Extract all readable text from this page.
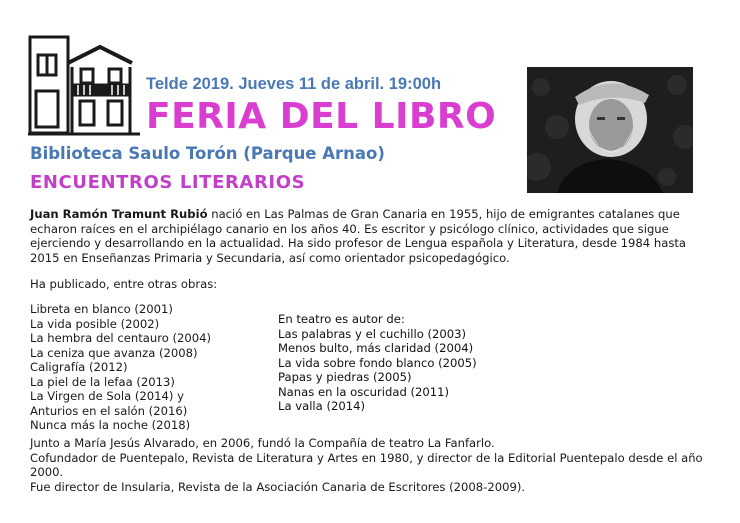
Telde 2019. Jueves 11 de abril. 19:00h
FERIA DEL LIBRO
Biblioteca Saulo Torón (Parque Arnao)
ENCUENTROS LITERARIOS
Juan Ramón Tramunt Rubió nació en Las Palmas de Gran Canaria en 1955, hijo de emigrantes catalanes que echaron raíces en el archipiélago canario en los años 40. Es escritor y psicólogo clínico, actividades que sigue ejerciendo y desarrollando en la actualidad. Ha sido profesor de Lengua española y Literatura, desde 1984 hasta 2015 en Enseñanzas Primaria y Secundaria, así como orientador psicopedagógico.
Ha publicado, entre otras obras:
Libreta en blanco (2001)
La vida posible (2002)
La hembra del centauro (2004)
La ceniza que avanza (2008)
Caligrafía (2012)
La piel de la lefaa (2013)
La Virgen de Sola (2014) y
Anturios en el salón (2016)
Nunca más la noche (2018)
En teatro es autor de:
Las palabras y el cuchillo (2003)
Menos bulto, más claridad (2004)
La vida sobre fondo blanco (2005)
Papas y piedras (2005)
Nanas en la oscuridad (2011)
La valla (2014)

Junto a María Jesús Alvarado, en 2006, fundó la Compañía de teatro La Fanfarlo.

Cofundador de Puentepalo, Revista de Literatura y Artes en 1980, y director de la Editorial Puentepalo desde el año 2000.

Fue director de Insularia, Revista de la Asociación Canaria de Escritores (2008-2009).
